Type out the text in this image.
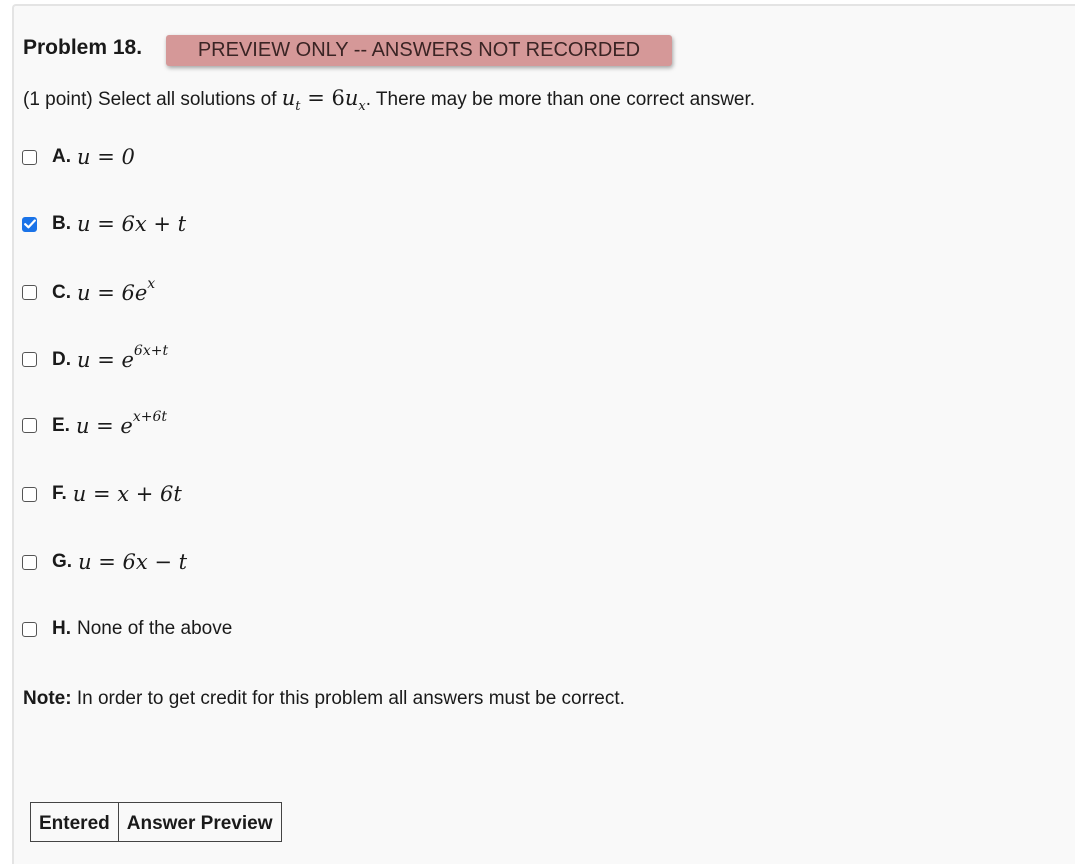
Problem 18.	PREVIEW ONLY -- ANSWERS NOT RECORDED
(1 point) Select all solutions of $u_t = 6u_x$. There may be more than one correct answer.
A. u = 0
B. u = 6x + t
C. $u = 6e^x$
D. $u = e^{6x+t}$
E. $u = e^{x+6t}$
F. u = x + 6t
G. u = 6x − t
H. None of the above
Note: In order to get credit for this problem all answers must be correct.
Entered	Answer Preview
